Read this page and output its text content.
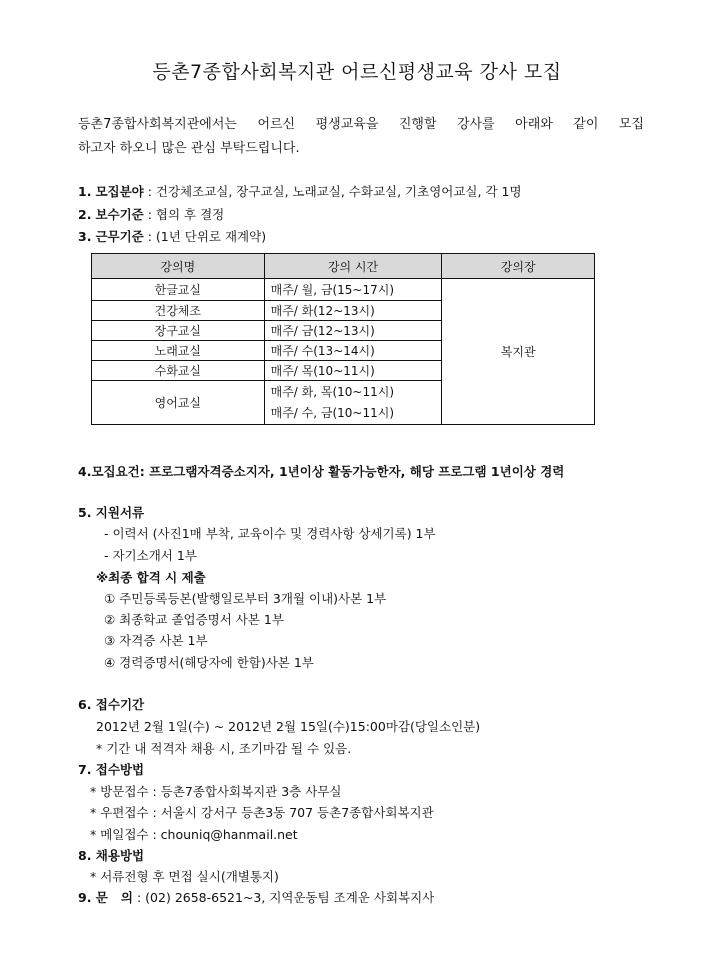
등촌7종합사회복지관 어르신평생교육 강사 모집
등촌7종합사회복지관에서는 어르신 평생교육을 진행할 강사를 아래와 같이 모집
하고자 하오니 많은 관심 부탁드립니다.
1. 모집분야 : 건강체조교실, 장구교실, 노래교실, 수화교실, 기초영어교실, 각 1명
2. 보수기준 : 협의 후 결정
3. 근무기준 : (1년 단위로 재계약)
강의명	강의 시간	강의장
한글교실	매주/ 월, 금(15~17시)	복지관
건강체조	매주/ 화(12~13시)	
장구교실	매주/ 금(12~13시)	
노래교실	매주/ 수(13~14시)	
수화교실	매주/ 목(10~11시)	
영어교실	매주/ 화, 목(10~11시)
매주/ 수, 금(10~11시)	
4.모집요건: 프로그램자격증소지자, 1년이상 활동가능한자, 해당 프로그램 1년이상 경력
5. 지원서류
- 이력서 (사진1매 부착, 교육이수 및 경력사항 상세기록) 1부
- 자기소개서 1부
※최종 합격 시 제출
① 주민등록등본(발행일로부터 3개월 이내)사본 1부
② 최종학교 졸업증명서 사본 1부
③ 자격증 사본 1부
④ 경력증명서(해당자에 한함)사본 1부
6. 접수기간
2012년 2월 1일(수) ~ 2012년 2월 15일(수)15:00마감(당일소인분)
* 기간 내 적격자 채용 시, 조기마감 될 수 있음.
7. 접수방법
* 방문접수 : 등촌7종합사회복지관 3층 사무실
* 우편접수 : 서울시 강서구 등촌3동 707 등촌7종합사회복지관
* 메일접수 : chouniq@hanmail.net
8. 채용방법
* 서류전형 후 면접 실시(개별통지)
9. 문   의 : (02) 2658-6521~3, 지역운동팀 조계운 사회복지사
